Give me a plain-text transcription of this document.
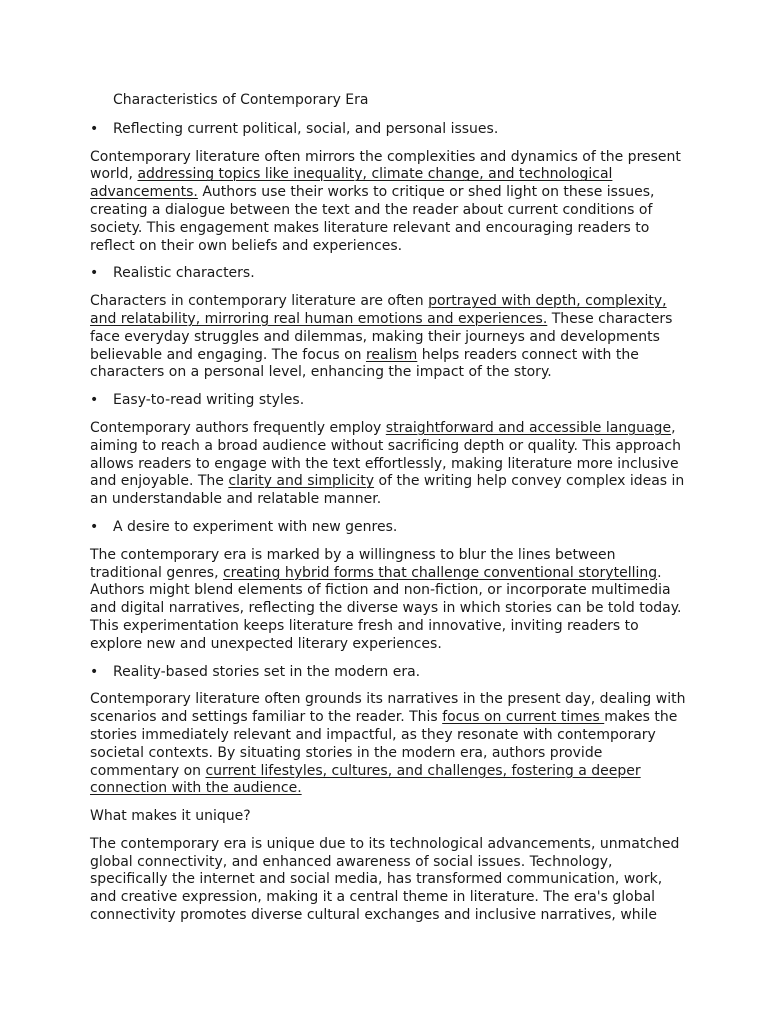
Characteristics of Contemporary Era
• Reflecting current political, social, and personal issues.

Contemporary literature often mirrors the complexities and dynamics of the present world, addressing topics like inequality, climate change, and technological advancements. Authors use their works to critique or shed light on these issues, creating a dialogue between the text and the reader about current conditions of society. This engagement makes literature relevant and encouraging readers to reflect on their own beliefs and experiences.

• Realistic characters.

Characters in contemporary literature are often portrayed with depth, complexity, and relatability, mirroring real human emotions and experiences. These characters face everyday struggles and dilemmas, making their journeys and developments believable and engaging. The focus on realism helps readers connect with the characters on a personal level, enhancing the impact of the story.

• Easy-to-read writing styles.

Contemporary authors frequently employ straightforward and accessible language, aiming to reach a broad audience without sacrificing depth or quality. This approach allows readers to engage with the text effortlessly, making literature more inclusive and enjoyable. The clarity and simplicity of the writing help convey complex ideas in an understandable and relatable manner.

• A desire to experiment with new genres.

The contemporary era is marked by a willingness to blur the lines between traditional genres, creating hybrid forms that challenge conventional storytelling. Authors might blend elements of fiction and non-fiction, or incorporate multimedia and digital narratives, reflecting the diverse ways in which stories can be told today. This experimentation keeps literature fresh and innovative, inviting readers to explore new and unexpected literary experiences.

• Reality-based stories set in the modern era.

Contemporary literature often grounds its narratives in the present day, dealing with scenarios and settings familiar to the reader. This focus on current times makes the stories immediately relevant and impactful, as they resonate with contemporary societal contexts. By situating stories in the modern era, authors provide commentary on current lifestyles, cultures, and challenges, fostering a deeper connection with the audience.

What makes it unique?

The contemporary era is unique due to its technological advancements, unmatched global connectivity, and enhanced awareness of social issues. Technology, specifically the internet and social media, has transformed communication, work, and creative expression, making it a central theme in literature. The era's global connectivity promotes diverse cultural exchanges and inclusive narratives, while
